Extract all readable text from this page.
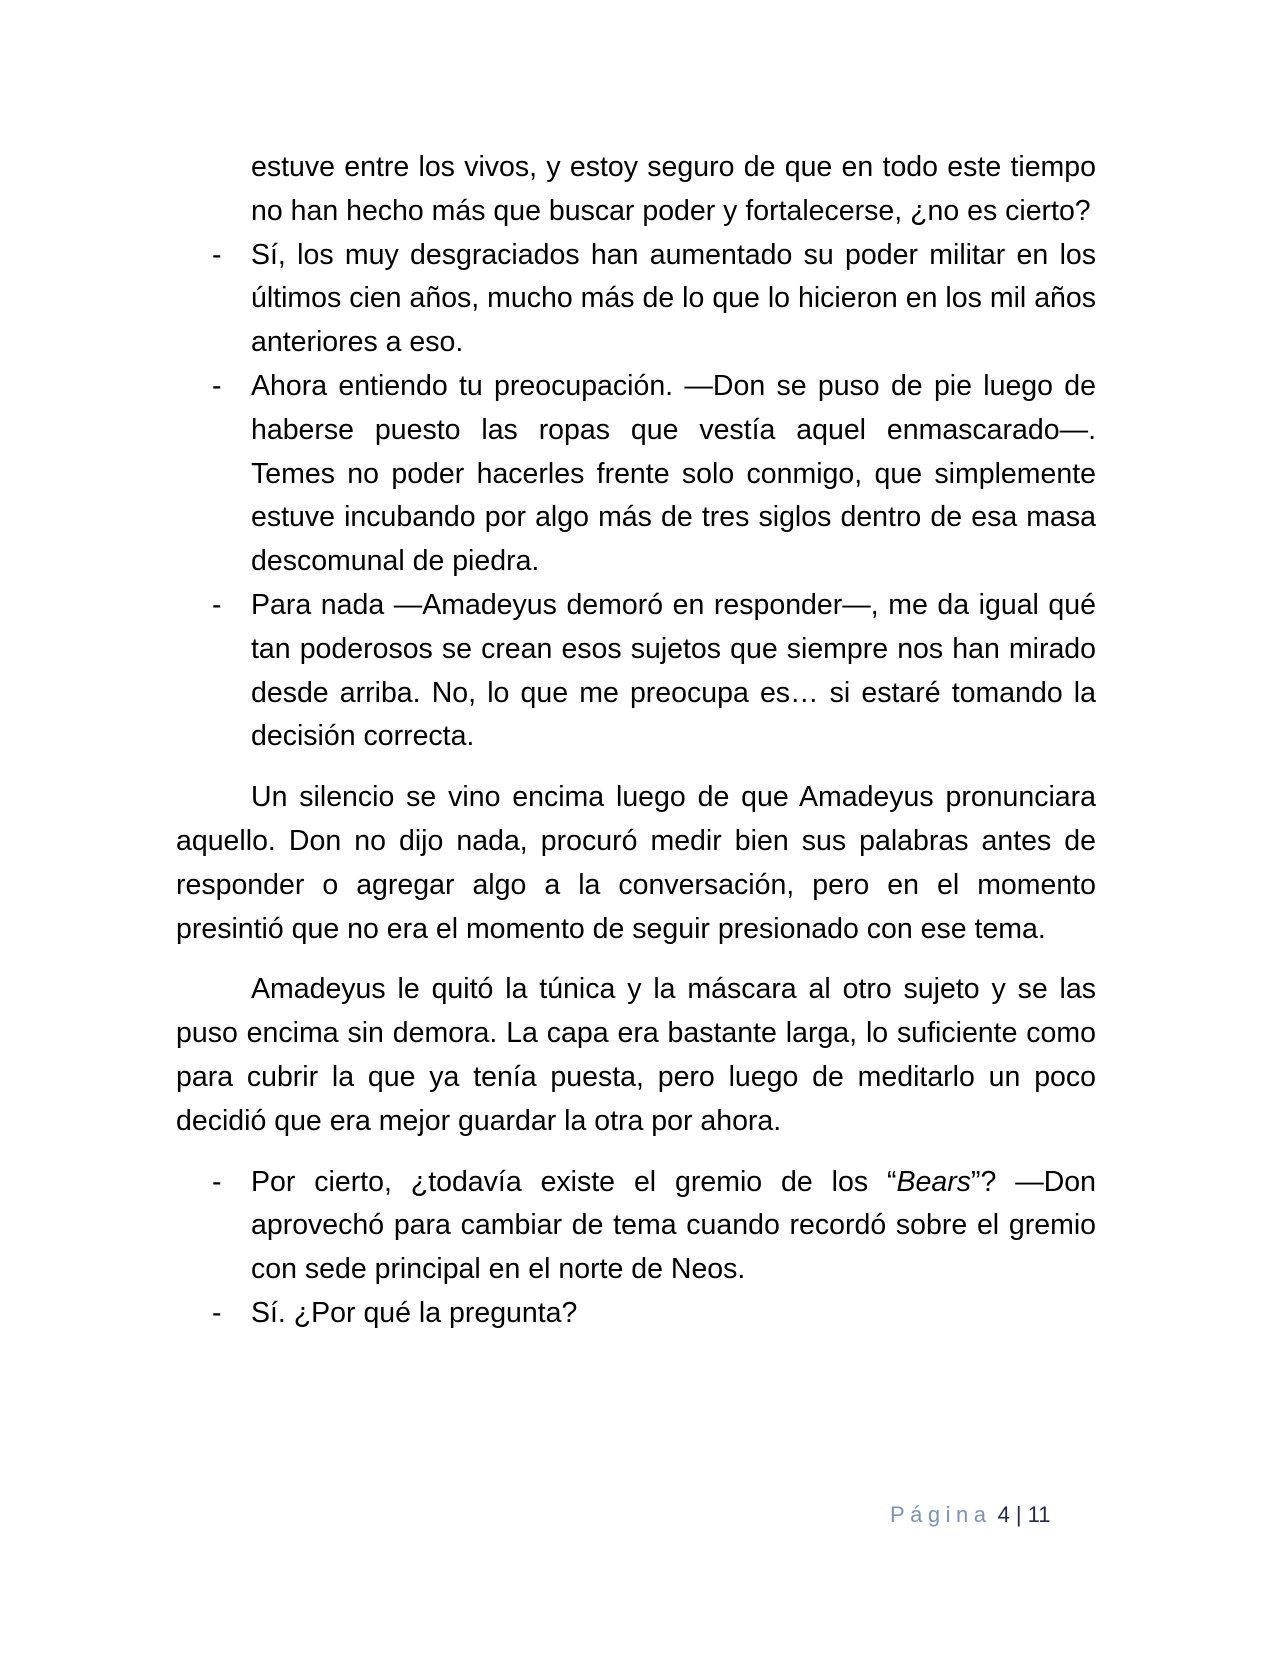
estuve entre los vivos, y estoy seguro de que en todo este tiempo no han hecho más que buscar poder y fortalecerse, ¿no es cierto?

- Sí, los muy desgraciados han aumentado su poder militar en los últimos cien años, mucho más de lo que lo hicieron en los mil años anteriores a eso.
- Ahora entiendo tu preocupación. —Don se puso de pie luego de haberse puesto las ropas que vestía aquel enmascarado—. Temes no poder hacerles frente solo conmigo, que simplemente estuve incubando por algo más de tres siglos dentro de esa masa descomunal de piedra.
- Para nada —Amadeyus demoró en responder—, me da igual qué tan poderosos se crean esos sujetos que siempre nos han mirado desde arriba. No, lo que me preocupa es… si estaré tomando la decisión correcta.

Un silencio se vino encima luego de que Amadeyus pronunciara aquello. Don no dijo nada, procuró medir bien sus palabras antes de responder o agregar algo a la conversación, pero en el momento presintió que no era el momento de seguir presionado con ese tema.

Amadeyus le quitó la túnica y la máscara al otro sujeto y se las puso encima sin demora. La capa era bastante larga, lo suficiente como para cubrir la que ya tenía puesta, pero luego de meditarlo un poco decidió que era mejor guardar la otra por ahora.

- Por cierto, ¿todavía existe el gremio de los “Bears”? —Don aprovechó para cambiar de tema cuando recordó sobre el gremio con sede principal en el norte de Neos.
- Sí. ¿Por qué la pregunta?
Página 4 | 11
